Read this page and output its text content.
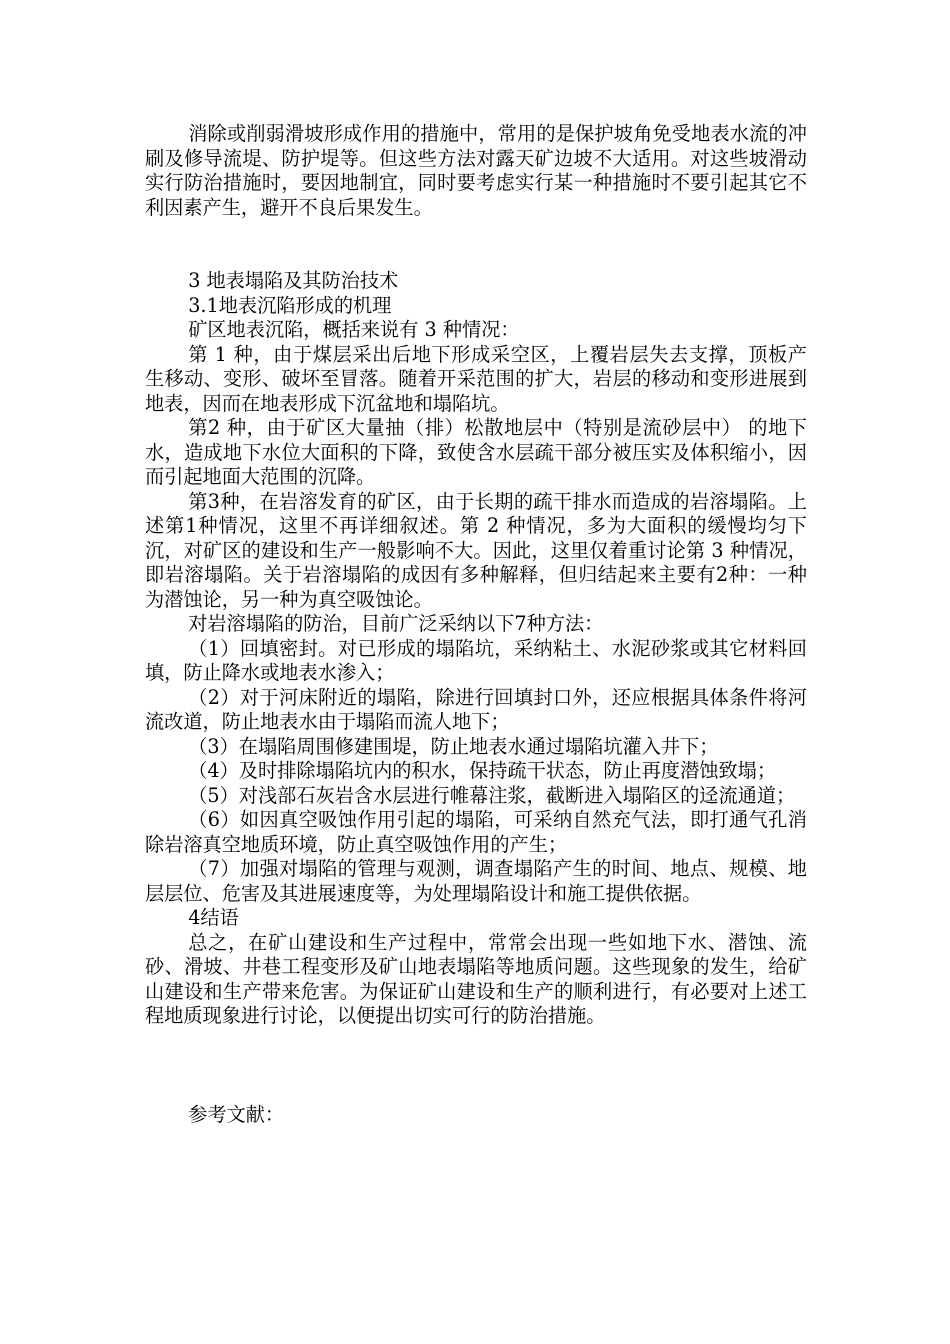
消除或削弱滑坡形成作用的措施中，常用的是保护坡角免受地表水流的冲刷及修导流堤、防护堤等。但这些方法对露天矿边坡不大适用。对这些坡滑动实行防治措施时，要因地制宜，同时要考虑实行某一种措施时不要引起其它不利因素产生，避开不良后果发生。

3 地表塌陷及其防治技术

3.1地表沉陷形成的机理

矿区地表沉陷，概括来说有 3 种情况：

第 1 种，由于煤层采出后地下形成采空区，上覆岩层失去支撑，顶板产生移动、变形、破坏至冒落。随着开采范围的扩大，岩层的移动和变形进展到地表，因而在地表形成下沉盆地和塌陷坑。

第2 种，由于矿区大量抽（排）松散地层中（特别是流砂层中） 的地下水，造成地下水位大面积的下降，致使含水层疏干部分被压实及体积缩小，因而引起地面大范围的沉降。

第3种，在岩溶发育的矿区，由于长期的疏干排水而造成的岩溶塌陷。上述第1种情况，这里不再详细叙述。第 2 种情况，多为大面积的缓慢均匀下沉，对矿区的建设和生产一般影响不大。因此，这里仅着重讨论第 3 种情况，即岩溶塌陷。关于岩溶塌陷的成因有多种解释，但归结起来主要有2种：一种为潜蚀论，另一种为真空吸蚀论。

对岩溶塌陷的防治，目前广泛采纳以下7种方法：

（1）回填密封。对已形成的塌陷坑，采纳粘土、水泥砂浆或其它材料回填，防止降水或地表水渗入；

（2）对于河床附近的塌陷，除进行回填封口外，还应根据具体条件将河流改道，防止地表水由于塌陷而流人地下；

（3）在塌陷周围修建围堤，防止地表水通过塌陷坑灌入井下；

（4）及时排除塌陷坑内的积水，保持疏干状态，防止再度潜蚀致塌；

（5）对浅部石灰岩含水层进行帷幕注浆，截断进入塌陷区的迳流通道；

（6）如因真空吸蚀作用引起的塌陷，可采纳自然充气法，即打通气孔消除岩溶真空地质环境，防止真空吸蚀作用的产生；

（7）加强对塌陷的管理与观测，调查塌陷产生的时间、地点、规模、地层层位、危害及其进展速度等，为处理塌陷设计和施工提供依据。

4结语

总之，在矿山建设和生产过程中，常常会出现一些如地下水、潜蚀、流砂、滑坡、井巷工程变形及矿山地表塌陷等地质问题。这些现象的发生，给矿山建设和生产带来危害。为保证矿山建设和生产的顺利进行，有必要对上述工程地质现象进行讨论，以便提出切实可行的防治措施。

参考文献：
